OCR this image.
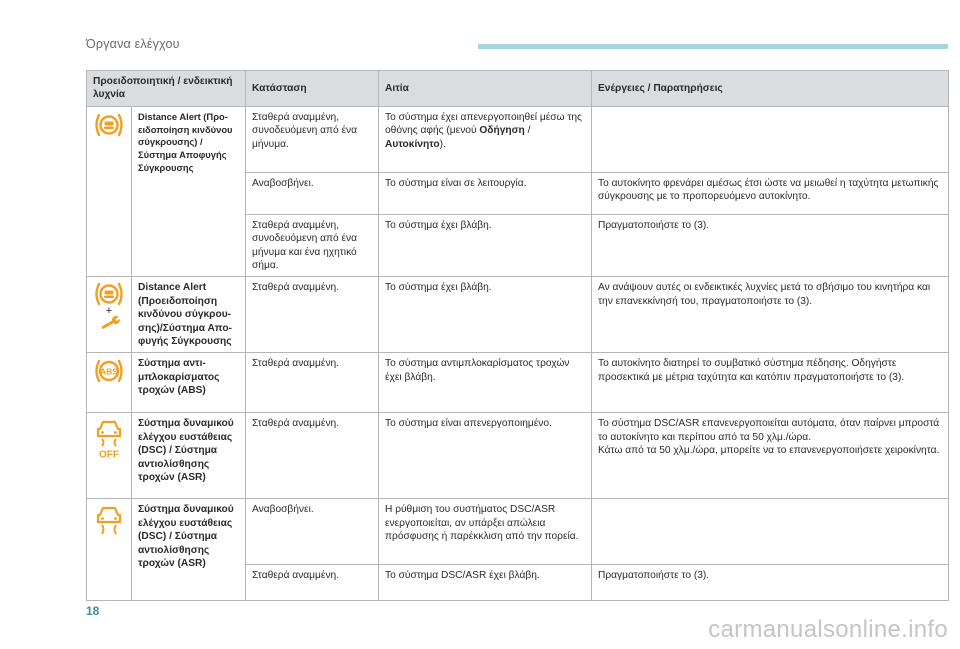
Όργανα ελέγχου
Προειδοποιητική / ενδεικτική λυχνία		Κατάσταση	Αιτία	Ενέργειες / Παρατηρήσεις

	Distance Alert (Προ-ειδοποίηση κινδύνου σύγκρουσης) / Σύστημα Αποφυγής Σύγκρουσης	Σταθερά αναμμένη, συνοδευόμενη από ένα μήνυμα.	Το σύστημα έχει απενεργοποιηθεί μέσω της οθόνης αφής (μενού Οδήγηση / Αυτοκίνητο).	
		Αναβοσβήνει.	Το σύστημα είναι σε λειτουργία.	Το αυτοκίνητο φρενάρει αμέσως έτσι ώστε να μειωθεί η ταχύτητα μετωπικής σύγκρουσης με το προπορευόμενο αυτοκίνητο.
		Σταθερά αναμμένη, συνοδευόμενη από ένα μήνυμα και ένα ηχητικό σήμα.	Το σύστημα έχει βλάβη.	Πραγματοποιήστε το (3).

+	Distance Alert (Προειδοποίηση κινδύνου σύγκρου-σης)/Σύστημα Απο-φυγής Σύγκρουσης	Σταθερά αναμμένη.	Το σύστημα έχει βλάβη.	Αν ανάψουν αυτές οι ενδεικτικές λυχνίες μετά το σβήσιμο του κινητήρα και την επανεκκίνησή του, πραγματοποιήστε το (3).

ABS	Σύστημα αντι-μπλοκαρίσματος τροχών (ABS)	Σταθερά αναμμένη.	Το σύστημα αντιμπλοκαρίσματος τροχών έχει βλάβη.	Το αυτοκίνητο διατηρεί το συμβατικό σύστημα πέδησης. Οδηγήστε προσεκτικά με μέτρια ταχύτητα και κατόπιν πραγματοποιήστε το (3).

OFF	Σύστημα δυναμικού ελέγχου ευστάθειας (DSC) / Σύστημα αντιολίσθησης τροχών (ASR)	Σταθερά αναμμένη.	Το σύστημα είναι απενεργοποιημένο.	Το σύστημα DSC/ASR επανενεργοποιείται αυτόματα, όταν παίρνει μπροστά το αυτοκίνητο και περίπου από τα 50 χλμ./ώρα.
Κάτω από τα 50 χλμ./ώρα, μπορείτε να το επανενεργοποιήσετε χειροκίνητα.

	Σύστημα δυναμικού ελέγχου ευστάθειας (DSC) / Σύστημα αντιολίσθησης τροχών (ASR)	Αναβοσβήνει.	Η ρύθμιση του συστήματος DSC/ASR ενεργοποιείται, αν υπάρξει απώλεια πρόσφυσης ή παρέκκλιση από την πορεία.	
		Σταθερά αναμμένη.	Το σύστημα DSC/ASR έχει βλάβη.	Πραγματοποιήστε το (3).
18
carmanualsonline.info
